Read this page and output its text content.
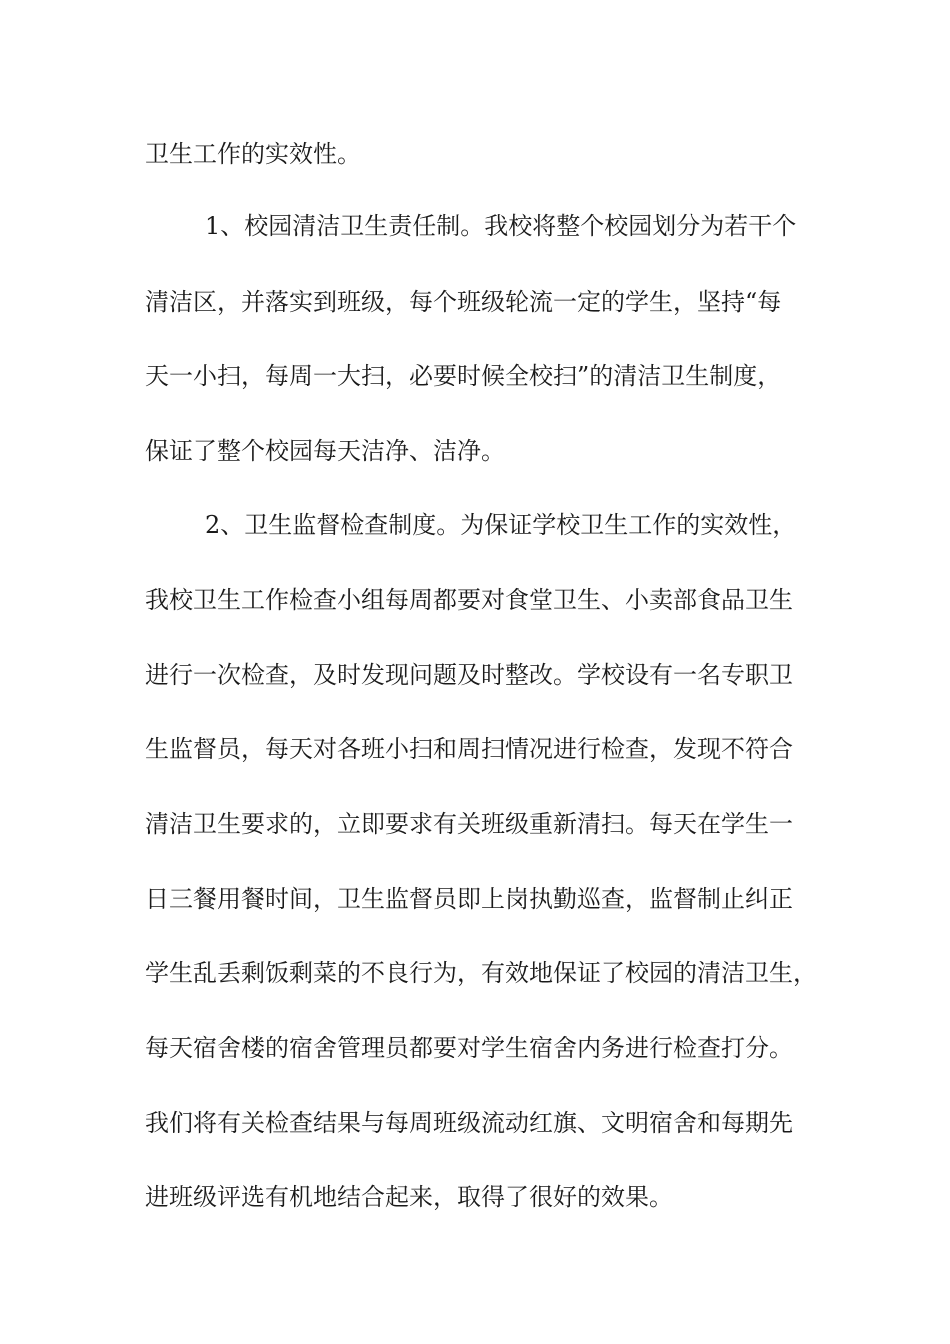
卫生工作的实效性。
1、校园清洁卫生责任制。我校将整个校园划分为若干个
清洁区，并落实到班级，每个班级轮流一定的学生，坚持“每
天一小扫，每周一大扫，必要时候全校扫”的清洁卫生制度，
保证了整个校园每天洁净、洁净。
2、卫生监督检查制度。为保证学校卫生工作的实效性，
我校卫生工作检查小组每周都要对食堂卫生、小卖部食品卫生
进行一次检查，及时发现问题及时整改。学校设有一名专职卫
生监督员，每天对各班小扫和周扫情况进行检查，发现不符合
清洁卫生要求的，立即要求有关班级重新清扫。每天在学生一
日三餐用餐时间，卫生监督员即上岗执勤巡查，监督制止纠正
学生乱丢剩饭剩菜的不良行为，有效地保证了校园的清洁卫生，
每天宿舍楼的宿舍管理员都要对学生宿舍内务进行检查打分。
我们将有关检查结果与每周班级流动红旗、文明宿舍和每期先
进班级评选有机地结合起来，取得了很好的效果。
